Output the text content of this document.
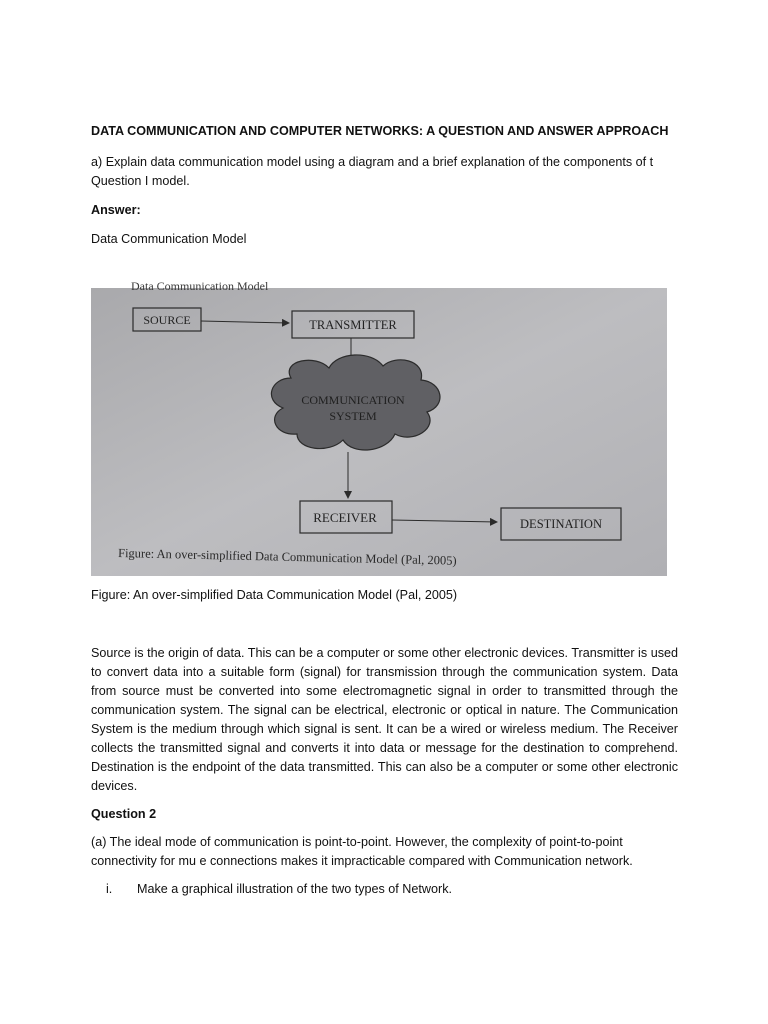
DATA COMMUNICATION AND COMPUTER NETWORKS: A QUESTION AND ANSWER APPROACH

a) Explain data communication model using a diagram and a brief explanation of the components of t
Question I model.

Answer:

Data Communication Model

Data Communication Model
SOURCE	TRANSMITTER
COMMUNICATION
SYSTEM
RECEIVER	DESTINATION
Figure: An over-simplified Data Communication Model (Pal, 2005)

Figure: An over-simplified Data Communication Model (Pal, 2005)

Source is the origin of data. This can be a computer or some other electronic devices. Transmitter is used to convert data into a suitable form (signal) for transmission through the communication system. Data from source must be converted into some electromagnetic signal in order to transmitted through the communication system. The signal can be electrical, electronic or optical in nature. The Communication System is the medium through which signal is sent. It can be a wired or wireless medium. The Receiver collects the transmitted signal and converts it into data or message for the destination to comprehend. Destination is the endpoint of the data transmitted. This can also be a computer or some other electronic devices.

Question 2

(a) The ideal mode of communication is point-to-point. However, the complexity of point-to-point
connectivity for mu e connections makes it impracticable compared with Communication network.

i. Make a graphical illustration of the two types of Network.
